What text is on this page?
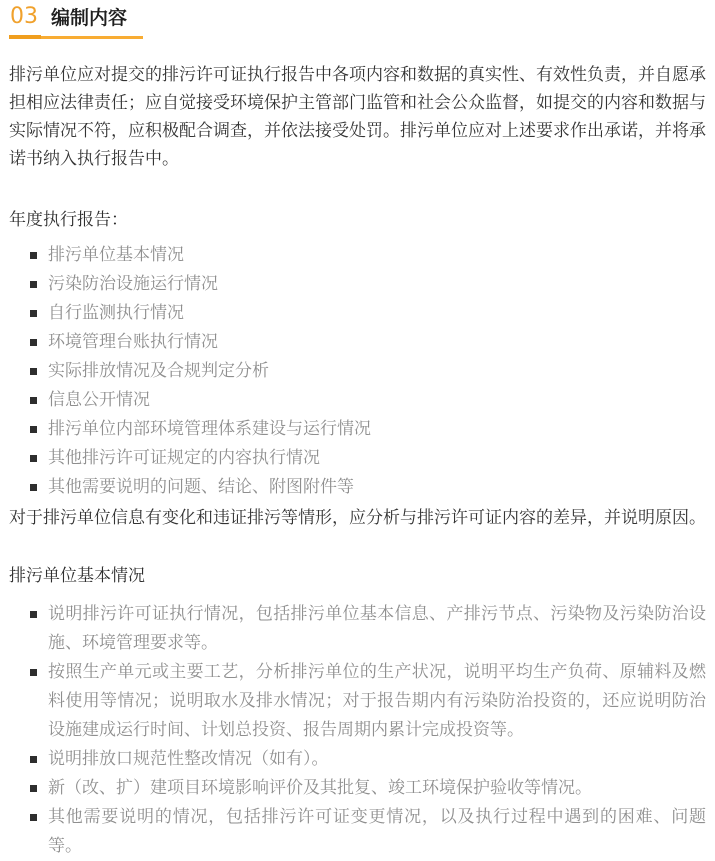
03 编制内容

排污单位应对提交的排污许可证执行报告中各项内容和数据的真实性、有效性负责，并自愿承担相应法律责任；应自觉接受环境保护主管部门监管和社会公众监督，如提交的内容和数据与实际情况不符，应积极配合调查，并依法接受处罚。排污单位应对上述要求作出承诺，并将承诺书纳入执行报告中。

年度执行报告：
排污单位基本情况
污染防治设施运行情况
自行监测执行情况
环境管理台账执行情况
实际排放情况及合规判定分析
信息公开情况
排污单位内部环境管理体系建设与运行情况
其他排污许可证规定的内容执行情况
其他需要说明的问题、结论、附图附件等

对于排污单位信息有变化和违证排污等情形，应分析与排污许可证内容的差异，并说明原因。

排污单位基本情况
说明排污许可证执行情况，包括排污单位基本信息、产排污节点、污染物及污染防治设施、环境管理要求等。
按照生产单元或主要工艺，分析排污单位的生产状况，说明平均生产负荷、原辅料及燃料使用等情况；说明取水及排水情况；对于报告期内有污染防治投资的，还应说明防治设施建成运行时间、计划总投资、报告周期内累计完成投资等。
说明排放口规范性整改情况（如有）。
新（改、扩）建项目环境影响评价及其批复、竣工环境保护验收等情况。
其他需要说明的情况，包括排污许可证变更情况，以及执行过程中遇到的困难、问题等。
